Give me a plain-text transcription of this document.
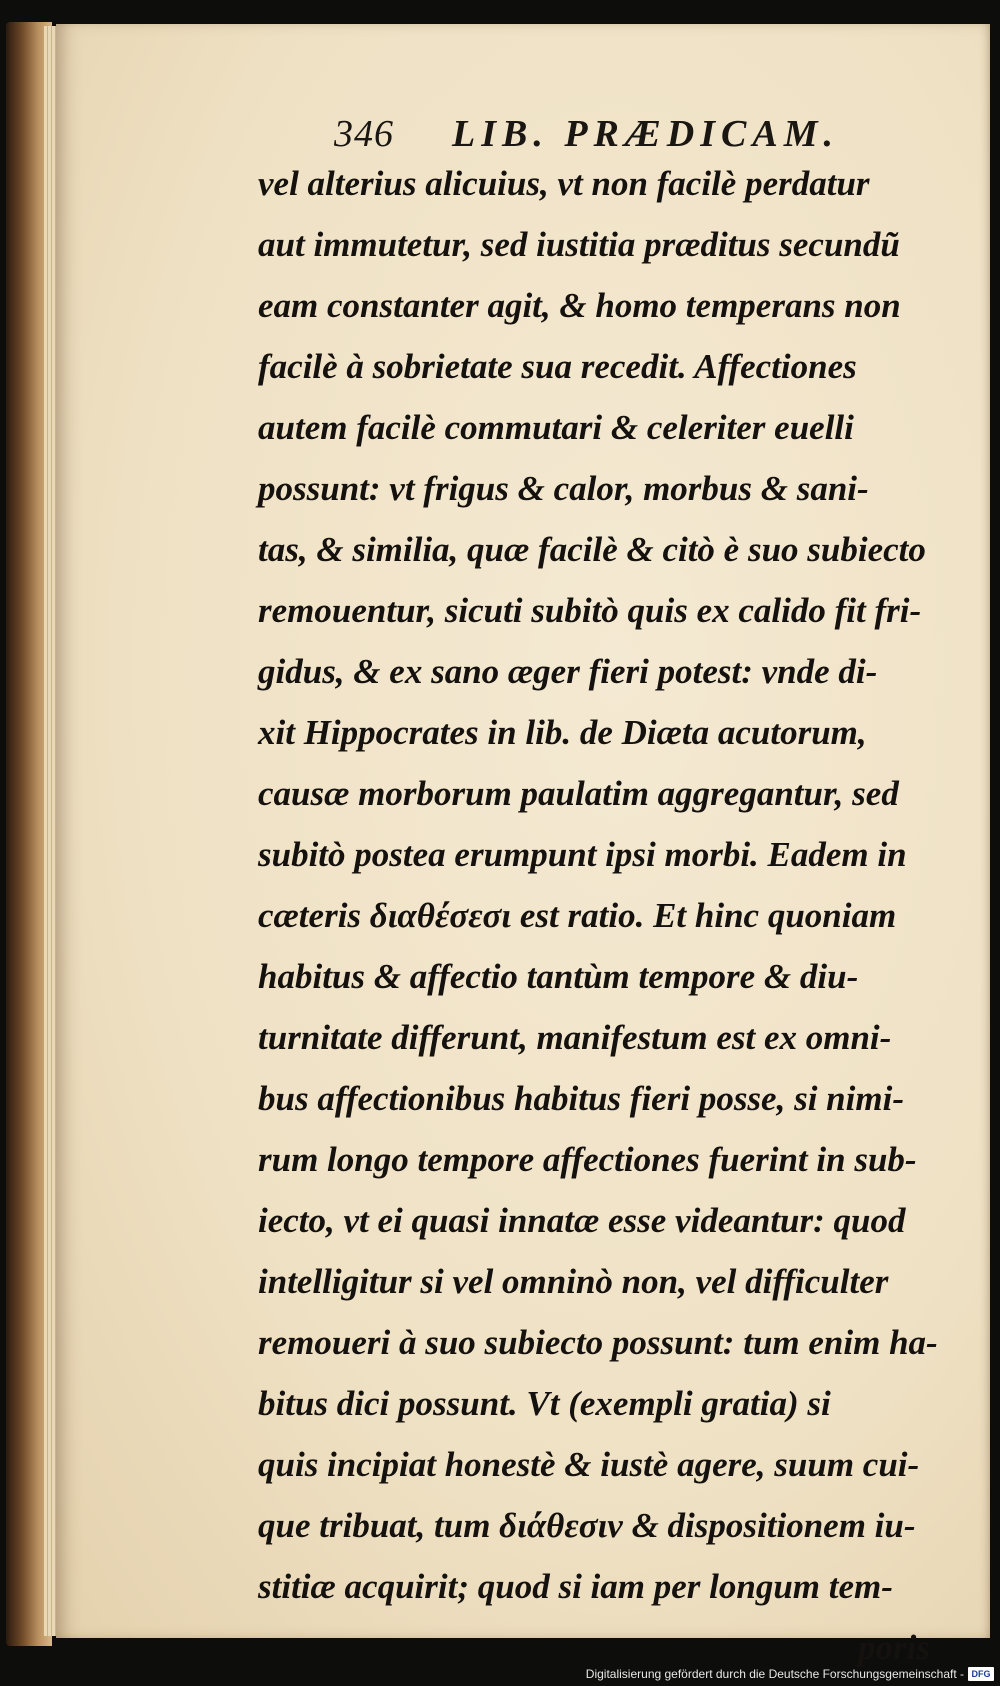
346 LIB. PRÆDICAM.
vel alterius alicuius, vt non facilè perdatur
aut immutetur, sed iustitia præditus secundũ
eam constanter agit, & homo temperans non
facilè à sobrietate sua recedit. Affectiones
autem facilè commutari & celeriter euelli
possunt: vt frigus & calor, morbus & sani-
tas, & similia, quæ facilè & citò è suo subiecto
remouentur, sicuti subitò quis ex calido fit fri-
gidus, & ex sano æger fieri potest: vnde di-
xit Hippocrates in lib. de Diæta acutorum,
causæ morborum paulatim aggregantur, sed
subitò postea erumpunt ipsi morbi. Eadem in
cæteris διαθέσεσι est ratio. Et hinc quoniam
habitus & affectio tantùm tempore & diu-
turnitate differunt, manifestum est ex omni-
bus affectionibus habitus fieri posse, si nimi-
rum longo tempore affectiones fuerint in sub-
iecto, vt ei quasi innatæ esse videantur: quod
intelligitur si vel omninò non, vel difficulter
remoueri à suo subiecto possunt: tum enim ha-
bitus dici possunt. Vt (exempli gratia) si
quis incipiat honestè & iustè agere, suum cui-
que tribuat, tum διάθεσιν & dispositionem iu-
stitiæ acquirit; quod si iam per longum tem-
poris
Digitalisierung gefördert durch die Deutsche Forschungsgemeinschaft - DFG
